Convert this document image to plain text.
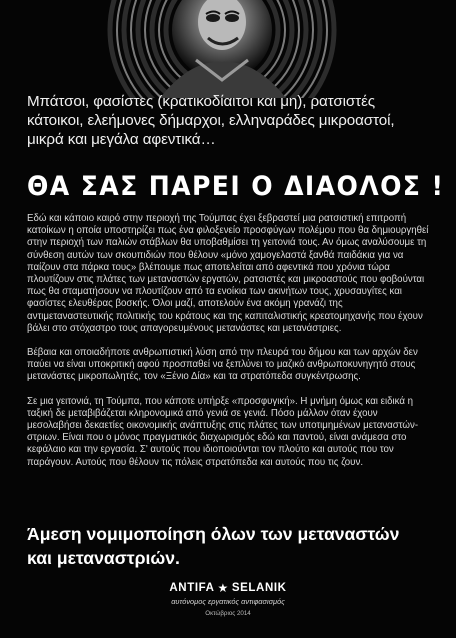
Μπάτσοι, φασίστες (κρατικοδίαιτοι και μη), ρατσιστές
κάτοικοι, ελεήμονες δήμαρχοι, ελληναράδες μικροαστοί,
μικρά και μεγάλα αφεντικά…
ΘΑ ΣΑΣ ΠΑΡΕΙ Ο ΔΙΑΟΛΟΣ !

Εδώ και κάποιο καιρό στην περιοχή της Τούμπας έχει ξεβραστεί μια ρατσιστική επιτροπή κατοίκων η οποία υποστηρίζει πως ένα φιλοξενείο προσφύγων πολέμου που θα δημιουργηθεί στην περιοχή των παλιών στάβλων θα υποβαθμίσει τη γειτονιά τους. Αν όμως αναλύσουμε τη σύνθεση αυτών των σκουπιδιών που θέλουν «μόνο χαμογελαστά ξανθά παιδάκια για να παίζουν στα πάρκα τους» βλέπουμε πως αποτελείται από αφεντικά που χρόνια τώρα πλουτίζουν στις πλάτες των μεταναστών εργατών, ρατσιστές και μικροαστούς που φοβούνται πως θα σταματήσουν να πλουτίζουν από τα ενοίκια των ακινήτων τους, χρυσαυγίτες και φασίστες ελευθέρας βοσκής. Όλοι μαζί, αποτελούν ένα ακόμη γρανάζι της αντιμεταναστευτικής πολιτικής του κράτους και της καπιταλιστικής κρεατομηχανής που έχουν βάλει στο στόχαστρο τους απαγορευμένους μετανάστες και μετανάστριες.

Βέβαια και οποιαδήποτε ανθρωπιστική λύση από την πλευρά του δήμου και των αρχών δεν παύει να είναι υποκριτική αφού προσπαθεί να ξεπλύνει το μαζικό ανθρωποκυνηγητό στους μετανάστες μικροπωλητές, τον «Ξένιο Δία» και τα στρατόπεδα συγκέντρωσης.

Σε μια γειτονιά, τη Τούμπα, που κάποτε υπήρξε «προσφυγική». Η μνήμη όμως και ειδικά η ταξική δε μεταβιβάζεται κληρονομικά από γενιά σε γενιά. Πόσο μάλλον όταν έχουν μεσολαβήσει δεκαετίες οικονομικής ανάπτυξης στις πλάτες των υποτιμημένων μεταναστών-στριων. Είναι που ο μόνος πραγματικός διαχωρισμός εδώ και παντού, είναι ανάμεσα στο κεφάλαιο και την εργασία. Σ' αυτούς που ιδιοποιούνται τον πλούτο και αυτούς που τον παράγουν. Αυτούς που θέλουν τις πόλεις στρατόπεδα και αυτούς που τις ζουν.

Άμεση νομιμοποίηση όλων των μεταναστών
και μεταναστριών.
ANTIFA ★ SELANIK
αυτόνομος εργατικός αντιφασισμός
Οκτώβριος 2014
